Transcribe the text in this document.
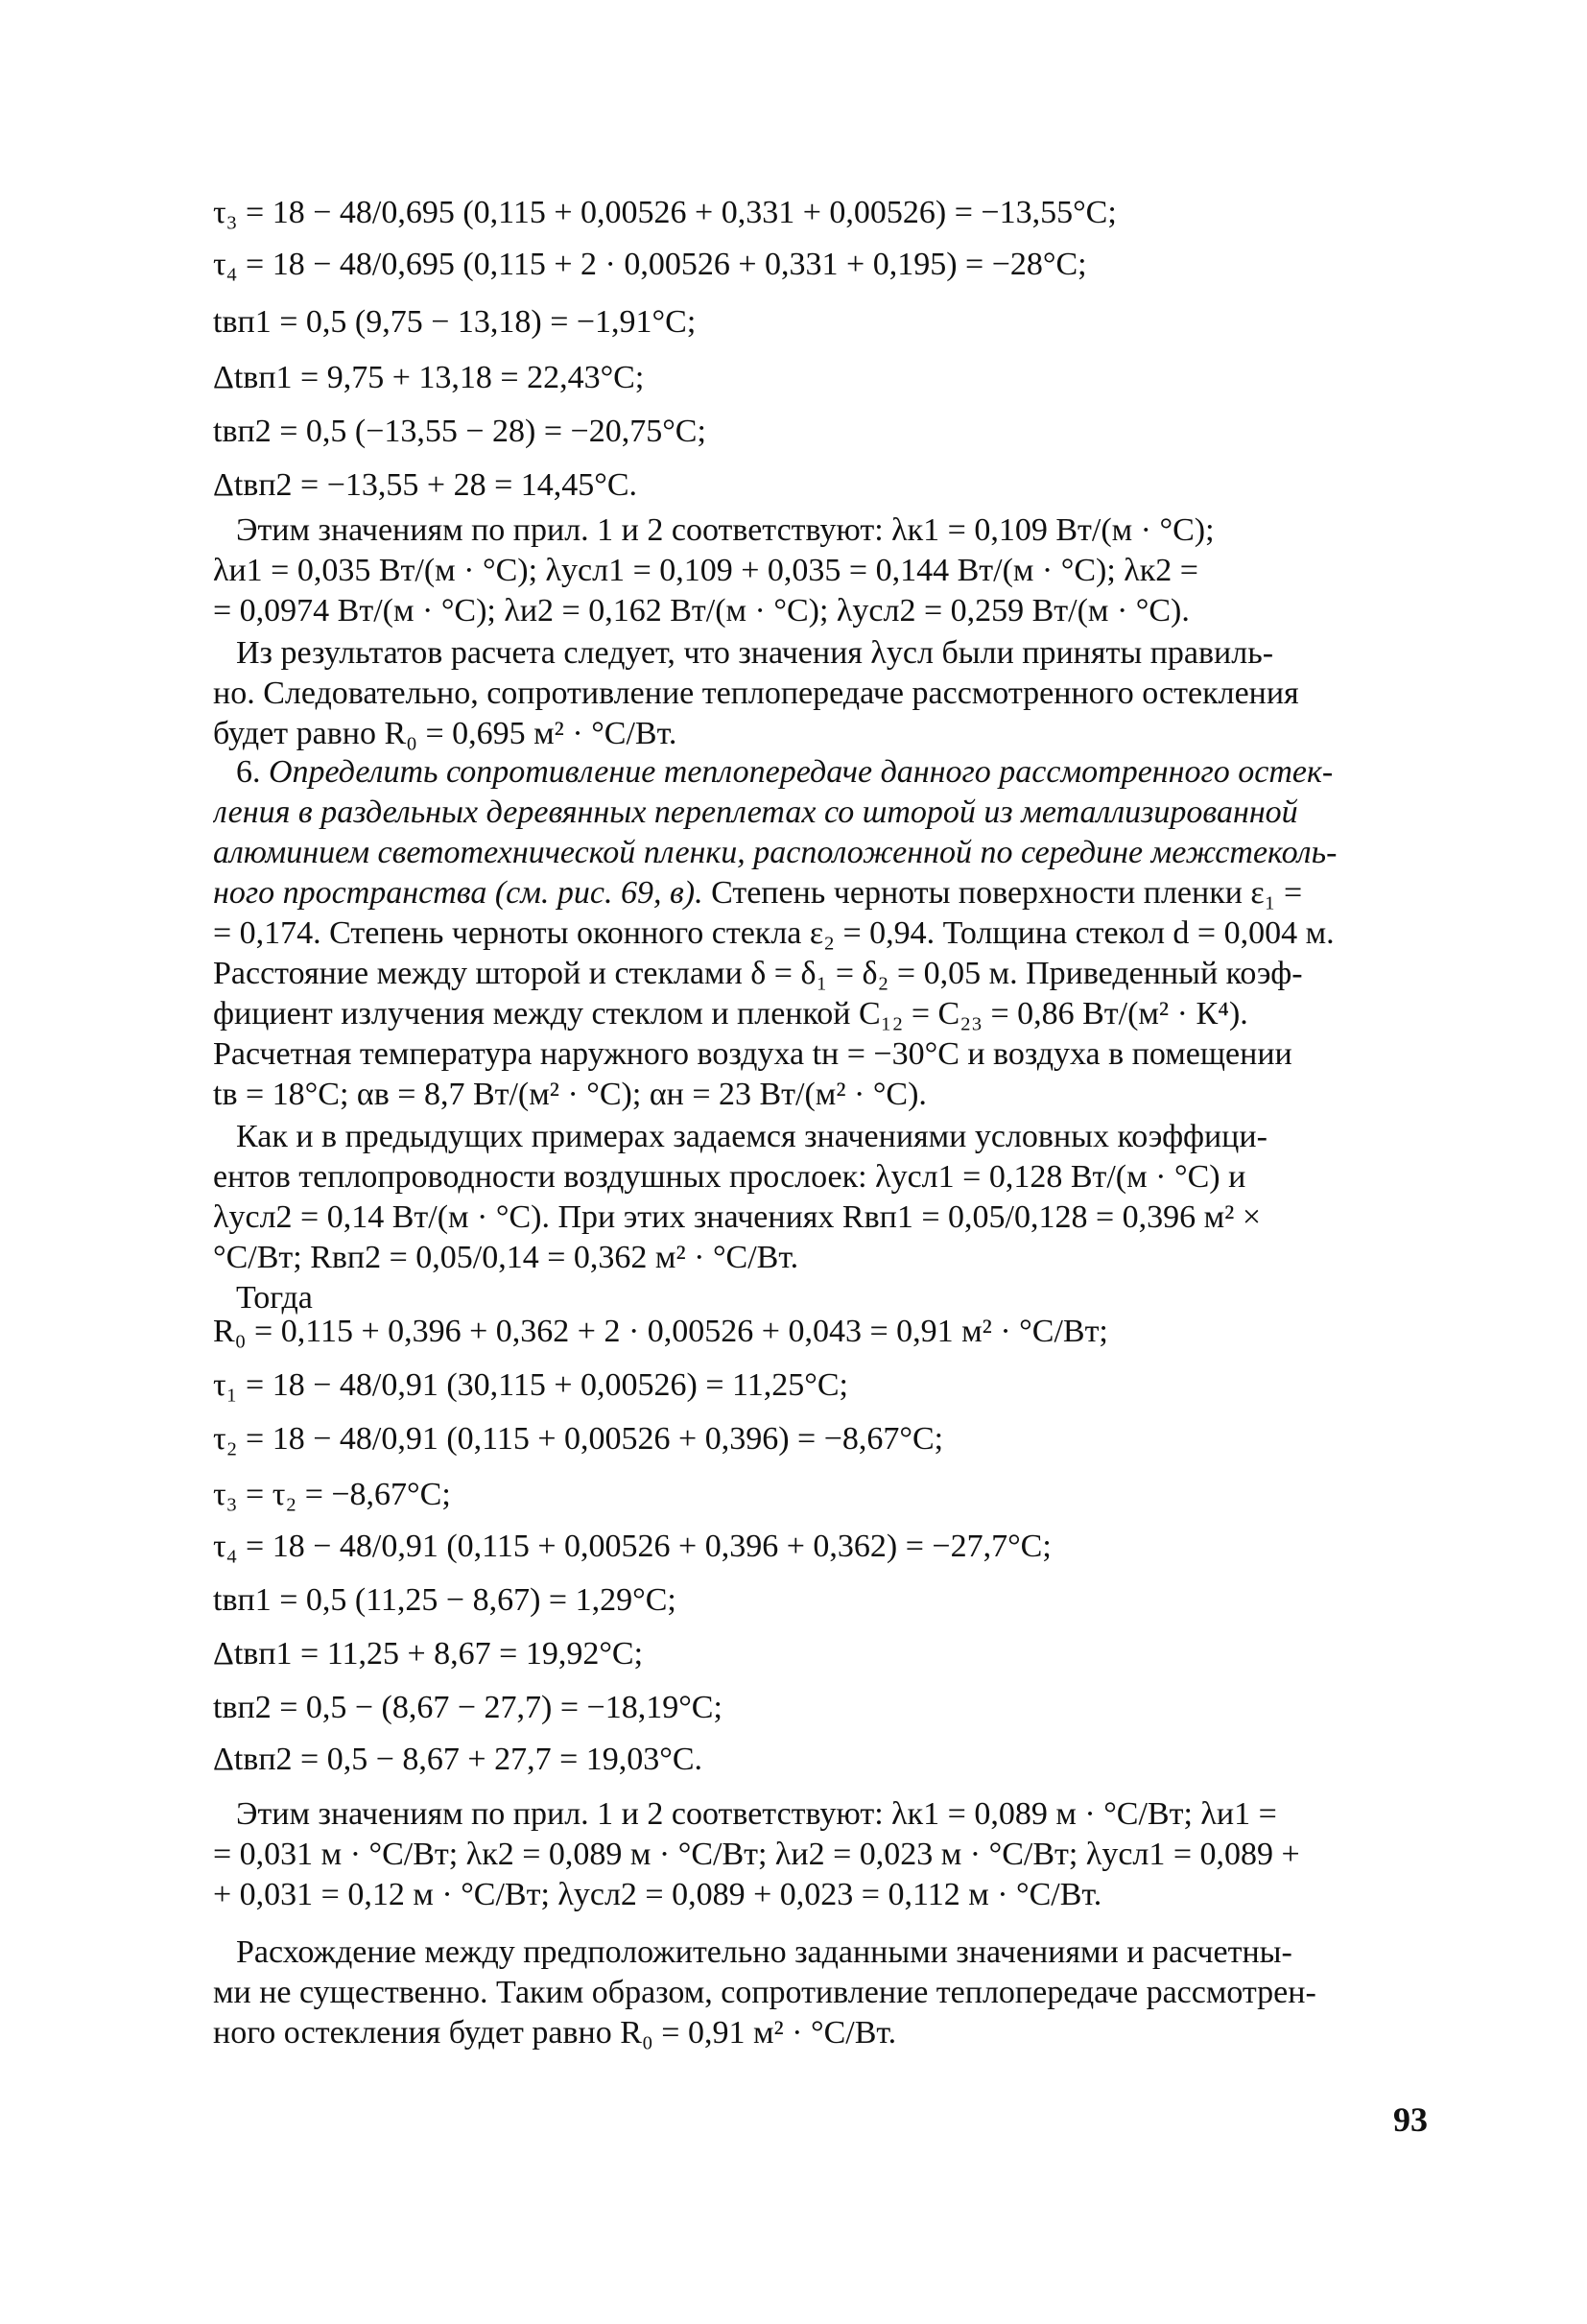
τ₃ = 18 − 48/0,695 (0,115 + 0,00526 + 0,331 + 0,00526) = −13,55°C;
τ₄ = 18 − 48/0,695 (0,115 + 2 · 0,00526 + 0,331 + 0,195) = −28°C;
tвп1 = 0,5 (9,75 − 13,18) = −1,91°C;
Δtвп1 = 9,75 + 13,18 = 22,43°C;
tвп2 = 0,5 (−13,55 − 28) = −20,75°C;
Δtвп2 = −13,55 + 28 = 14,45°C.
Этим значениям по прил. 1 и 2 соответствуют: λк1 = 0,109 Вт/(м · °С);
λи1 = 0,035 Вт/(м · °С); λусл1 = 0,109 + 0,035 = 0,144 Вт/(м · °С); λк2 =
= 0,0974 Вт/(м · °С); λи2 = 0,162 Вт/(м · °С); λусл2 = 0,259 Вт/(м · °С).
Из результатов расчета следует, что значения λусл были приняты правиль-
но. Следовательно, сопротивление теплопередаче рассмотренного остекления
будет равно R₀ = 0,695 м² · °С/Вт.
6. Определить сопротивление теплопередаче данного рассмотренного остек-
ления в раздельных деревянных переплетах со шторой из металлизированной
алюминием светотехнической пленки, расположенной по середине межстеколь-
ного пространства (см. рис. 69, в). Степень черноты поверхности пленки ε₁ =
= 0,174. Степень черноты оконного стекла ε₂ = 0,94. Толщина стекол d = 0,004 м.
Расстояние между шторой и стеклами δ = δ₁ = δ₂ = 0,05 м. Приведенный коэф-
фициент излучения между стеклом и пленкой C₁₂ = C₂₃ = 0,86 Вт/(м² · К⁴).
Расчетная температура наружного воздуха tн = −30°С и воздуха в помещении
tв = 18°С; αв = 8,7 Вт/(м² · °С); αн = 23 Вт/(м² · °С).
Как и в предыдущих примерах задаемся значениями условных коэффици-
ентов теплопроводности воздушных прослоек: λусл1 = 0,128 Вт/(м · °С) и
λусл2 = 0,14 Вт/(м · °С). При этих значениях Rвп1 = 0,05/0,128 = 0,396 м² ×
°С/Вт; Rвп2 = 0,05/0,14 = 0,362 м² · °С/Вт.
Тогда
R₀ = 0,115 + 0,396 + 0,362 + 2 · 0,00526 + 0,043 = 0,91 м² · °С/Вт;
τ₁ = 18 − 48/0,91 (30,115 + 0,00526) = 11,25°C;
τ₂ = 18 − 48/0,91 (0,115 + 0,00526 + 0,396) = −8,67°C;
τ₃ = τ₂ = −8,67°C;
τ₄ = 18 − 48/0,91 (0,115 + 0,00526 + 0,396 + 0,362) = −27,7°C;
tвп1 = 0,5 (11,25 − 8,67) = 1,29°C;
Δtвп1 = 11,25 + 8,67 = 19,92°C;
tвп2 = 0,5 − (8,67 − 27,7) = −18,19°C;
Δtвп2 = 0,5 − 8,67 + 27,7 = 19,03°C.
Этим значениям по прил. 1 и 2 соответствуют: λк1 = 0,089 м · °С/Вт; λи1 =
= 0,031 м · °С/Вт; λк2 = 0,089 м · °С/Вт; λи2 = 0,023 м · °С/Вт; λусл1 = 0,089 +
+ 0,031 = 0,12 м · °С/Вт; λусл2 = 0,089 + 0,023 = 0,112 м · °С/Вт.
Расхождение между предположительно заданными значениями и расчетны-
ми не существенно. Таким образом, сопротивление теплопередаче рассмотрен-
ного остекления будет равно R₀ = 0,91 м² · °С/Вт.
93
